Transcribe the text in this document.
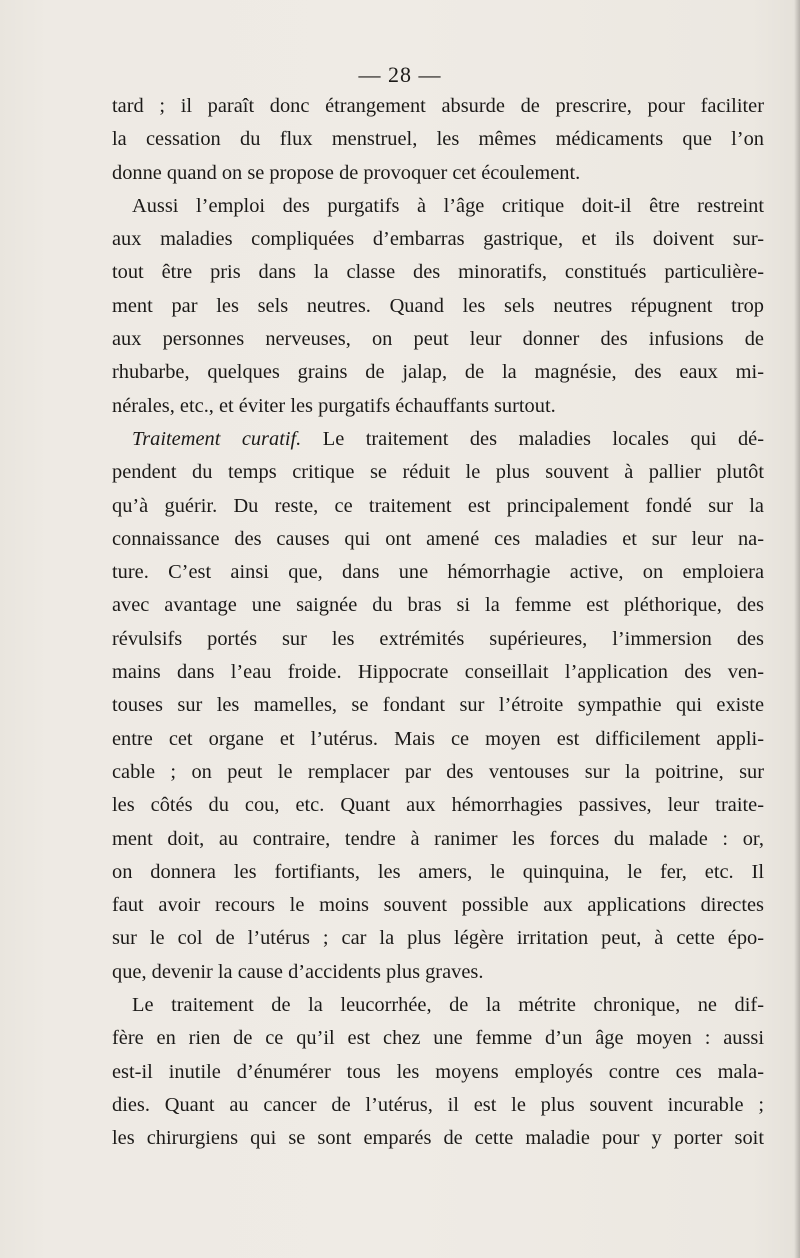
— 28 —
tard ; il paraît donc étrangement absurde de prescrire, pour faciliter
la cessation du flux menstruel, les mêmes médicaments que l’on
donne quand on se propose de provoquer cet écoulement.
Aussi l’emploi des purgatifs à l’âge critique doit-il être restreint
aux maladies compliquées d’embarras gastrique, et ils doivent sur-
tout être pris dans la classe des minoratifs, constitués particulière-
ment par les sels neutres. Quand les sels neutres répugnent trop
aux personnes nerveuses, on peut leur donner des infusions de
rhubarbe, quelques grains de jalap, de la magnésie, des eaux mi-
nérales, etc., et éviter les purgatifs échauffants surtout.
Traitement curatif. Le traitement des maladies locales qui dé-
pendent du temps critique se réduit le plus souvent à pallier plutôt
qu’à guérir. Du reste, ce traitement est principalement fondé sur la
connaissance des causes qui ont amené ces maladies et sur leur na-
ture. C’est ainsi que, dans une hémorrhagie active, on emploiera
avec avantage une saignée du bras si la femme est pléthorique, des
révulsifs portés sur les extrémités supérieures, l’immersion des
mains dans l’eau froide. Hippocrate conseillait l’application des ven-
touses sur les mamelles, se fondant sur l’étroite sympathie qui existe
entre cet organe et l’utérus. Mais ce moyen est difficilement appli-
cable ; on peut le remplacer par des ventouses sur la poitrine, sur
les côtés du cou, etc. Quant aux hémorrhagies passives, leur traite-
ment doit, au contraire, tendre à ranimer les forces du malade : or,
on donnera les fortifiants, les amers, le quinquina, le fer, etc. Il
faut avoir recours le moins souvent possible aux applications directes
sur le col de l’utérus ; car la plus légère irritation peut, à cette épo-
que, devenir la cause d’accidents plus graves.
Le traitement de la leucorrhée, de la métrite chronique, ne dif-
fère en rien de ce qu’il est chez une femme d’un âge moyen : aussi
est-il inutile d’énumérer tous les moyens employés contre ces mala-
dies. Quant au cancer de l’utérus, il est le plus souvent incurable ;
les chirurgiens qui se sont emparés de cette maladie pour y porter soit
